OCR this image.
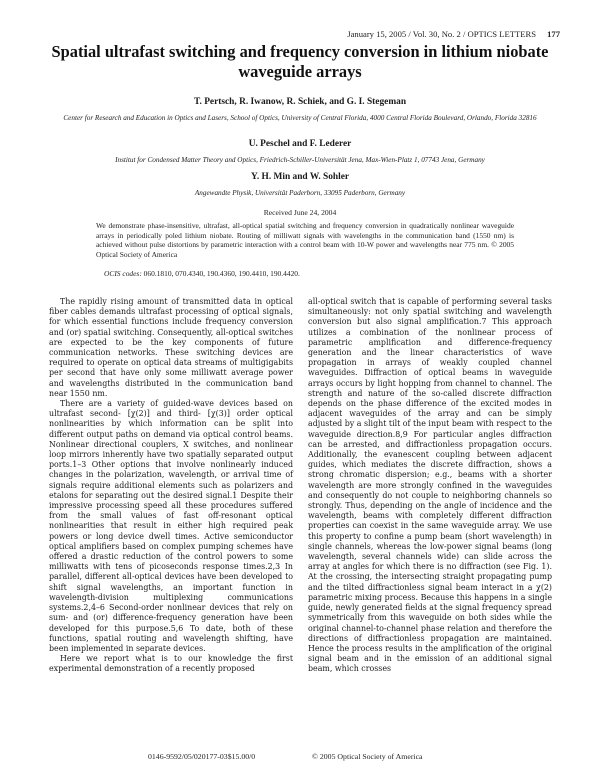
January 15, 2005 / Vol. 30, No. 2 / OPTICS LETTERS 177
Spatial ultrafast switching and frequency conversion in lithium niobate waveguide arrays
T. Pertsch, R. Iwanow, R. Schiek, and G. I. Stegeman
Center for Research and Education in Optics and Lasers, School of Optics, University of Central Florida, 4000 Central Florida Boulevard, Orlando, Florida 32816
U. Peschel and F. Lederer
Institut for Condensed Matter Theory and Optics, Friedrich-Schiller-Universität Jena, Max-Wien-Platz 1, 07743 Jena, Germany
Y. H. Min and W. Sohler
Angewandte Physik, Universität Paderborn, 33095 Paderborn, Germany
Received June 24, 2004
We demonstrate phase-insensitive, ultrafast, all-optical spatial switching and frequency conversion in quadratically nonlinear waveguide arrays in periodically poled lithium niobate. Routing of milliwatt signals with wavelengths in the communication band (1550 nm) is achieved without pulse distortions by parametric interaction with a control beam with 10-W power and wavelengths near 775 nm. © 2005 Optical Society of America
OCIS codes: 060.1810, 070.4340, 190.4360, 190.4410, 190.4420.

The rapidly rising amount of transmitted data in optical fiber cables demands ultrafast processing of optical signals, for which essential functions include frequency conversion and (or) spatial switching. Consequently, all-optical switches are expected to be the key components of future communication networks. These switching devices are required to operate on optical data streams of multigigabits per second that have only some milliwatt average power and wavelengths distributed in the communication band near 1550 nm.

There are a variety of guided-wave devices based on ultrafast second- [χ(2)] and third- [χ(3)] order optical nonlinearities by which information can be split into different output paths on demand via optical control beams. Nonlinear directional couplers, X switches, and nonlinear loop mirrors inherently have two spatially separated output ports.1–3 Other options that involve nonlinearly induced changes in the polarization, wavelength, or arrival time of signals require additional elements such as polarizers and etalons for separating out the desired signal.1 Despite their impressive processing speed all these procedures suffered from the small values of fast off-resonant optical nonlinearities that result in either high required peak powers or long device dwell times. Active semiconductor optical amplifiers based on complex pumping schemes have offered a drastic reduction of the control powers to some milliwatts with tens of picoseconds response times.2,3 In parallel, different all-optical devices have been developed to shift signal wavelengths, an important function in wavelength-division multiplexing communications systems.2,4–6 Second-order nonlinear devices that rely on sum- and (or) difference-frequency generation have been developed for this purpose.5,6 To date, both of these functions, spatial routing and wavelength shifting, have been implemented in separate devices.

Here we report what is to our knowledge the first experimental demonstration of a recently proposed

all-optical switch that is capable of performing several tasks simultaneously: not only spatial switching and wavelength conversion but also signal amplification.7 This approach utilizes a combination of the nonlinear process of parametric amplification and difference-frequency generation and the linear characteristics of wave propagation in arrays of weakly coupled channel waveguides. Diffraction of optical beams in waveguide arrays occurs by light hopping from channel to channel. The strength and nature of the so-called discrete diffraction depends on the phase difference of the excited modes in adjacent waveguides of the array and can be simply adjusted by a slight tilt of the input beam with respect to the waveguide direction.8,9 For particular angles diffraction can be arrested, and diffractionless propagation occurs. Additionally, the evanescent coupling between adjacent guides, which mediates the discrete diffraction, shows a strong chromatic dispersion; e.g., beams with a shorter wavelength are more strongly confined in the waveguides and consequently do not couple to neighboring channels so strongly. Thus, depending on the angle of incidence and the wavelength, beams with completely different diffraction properties can coexist in the same waveguide array. We use this property to confine a pump beam (short wavelength) in single channels, whereas the low-power signal beams (long wavelength, several channels wide) can slide across the array at angles for which there is no diffraction (see Fig. 1). At the crossing, the intersecting straight propagating pump and the tilted diffractionless signal beam interact in a χ(2) parametric mixing process. Because this happens in a single guide, newly generated fields at the signal frequency spread symmetrically from this waveguide on both sides while the original channel-to-channel phase relation and therefore the directions of diffractionless propagation are maintained. Hence the process results in the amplification of the original signal beam and in the emission of an additional signal beam, which crosses

0146-9592/05/020177-03$15.00/0	© 2005 Optical Society of America
